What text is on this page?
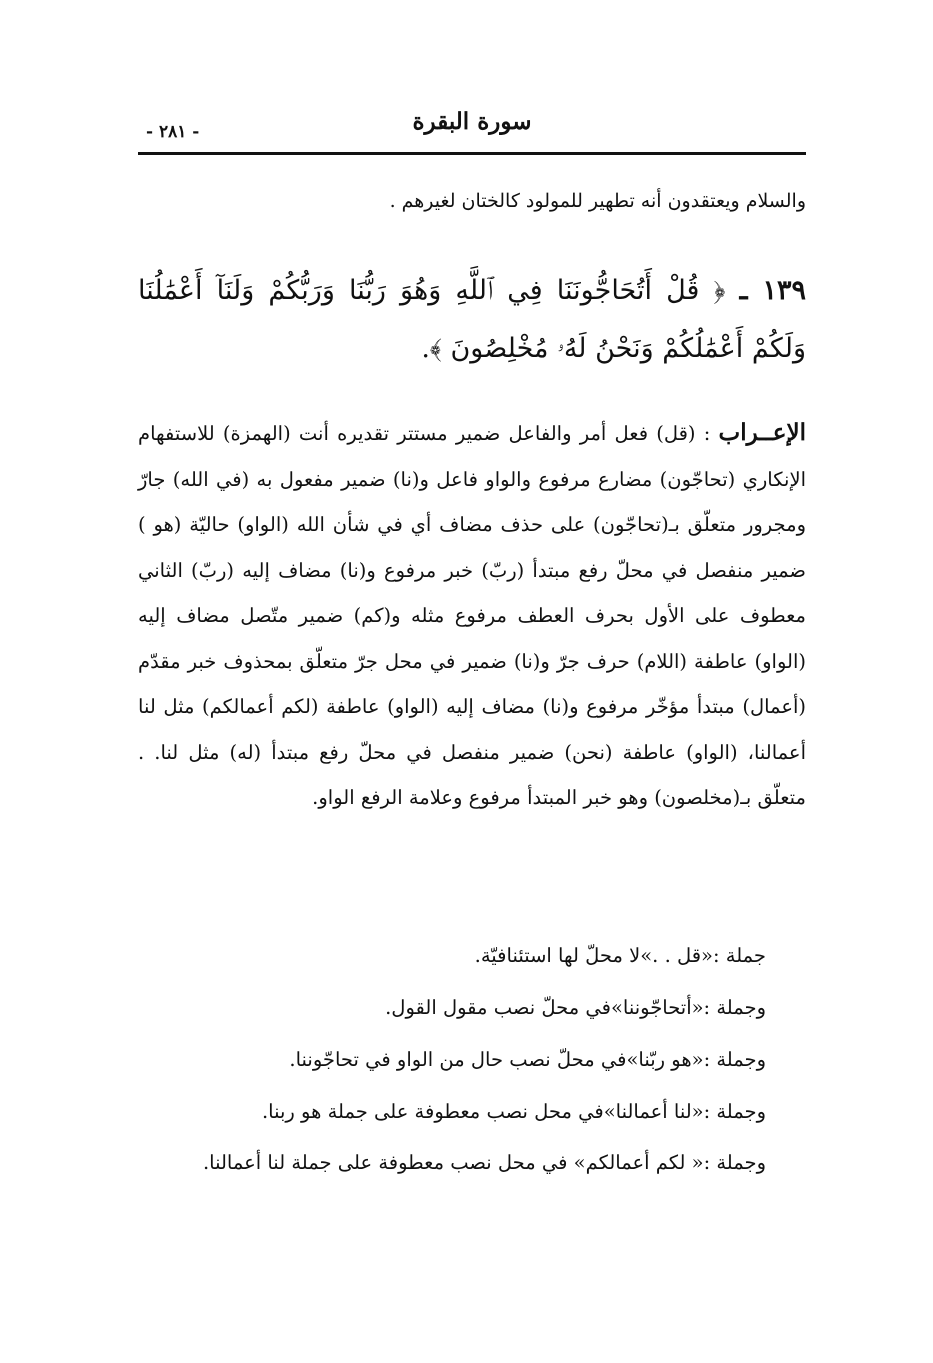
سورة البقرة
- ٢٨١ -
والسلام ويعتقدون أنه تطهير للمولود كالختان لغيرهم .
١٣٩ ـ ﴿ قُلْ أَتُحَاجُّونَنَا فِي ٱللَّهِ وَهُوَ رَبُّنَا وَرَبُّكُمْ وَلَنَآ أَعْمَٰلُنَا وَلَكُمْ أَعْمَٰلُكُمْ وَنَحْنُ لَهُۥ مُخْلِصُونَ ﴾.
الإعــراب : (قل) فعل أمر والفاعل ضمير مستتر تقديره أنت (الهمزة) للاستفهام الإنكاري (تحاجّون) مضارع مرفوع والواو فاعل و(نا) ضمير مفعول به (في الله) جارّ ومجرور متعلّق بـ(تحاجّون) على حذف مضاف أي في شأن الله (الواو) حاليّة (هو ) ضمير منفصل في محلّ رفع مبتدأ (ربّ) خبر مرفوع و(نا) مضاف إليه (ربّ) الثاني معطوف على الأول بحرف العطف مرفوع مثله و(كم) ضمير متّصل مضاف إليه (الواو) عاطفة (اللام) حرف جرّ و(نا) ضمير في محل جرّ متعلّق بمحذوف خبر مقدّم (أعمال) مبتدأ مؤخّر مرفوع و(نا) مضاف إليه (الواو) عاطفة (لكم أعمالكم) مثل لنا أعمالنا، (الواو) عاطفة (نحن) ضمير منفصل في محلّ رفع مبتدأ (له) مثل لنا. . متعلّق بـ(مخلصون) وهو خبر المبتدأ مرفوع وعلامة الرفع الواو.
جملة :«قل . .»لا محلّ لها استئنافيّة.
وجملة :«أتحاجّوننا»في محلّ نصب مقول القول.
وجملة :«هو ربّنا»في محلّ نصب حال من الواو في تحاجّوننا.
وجملة :«لنا أعمالنا»في محل نصب معطوفة على جملة هو ربنا.
وجملة :« لكم أعمالكم» في محل نصب معطوفة على جملة لنا أعمالنا.
